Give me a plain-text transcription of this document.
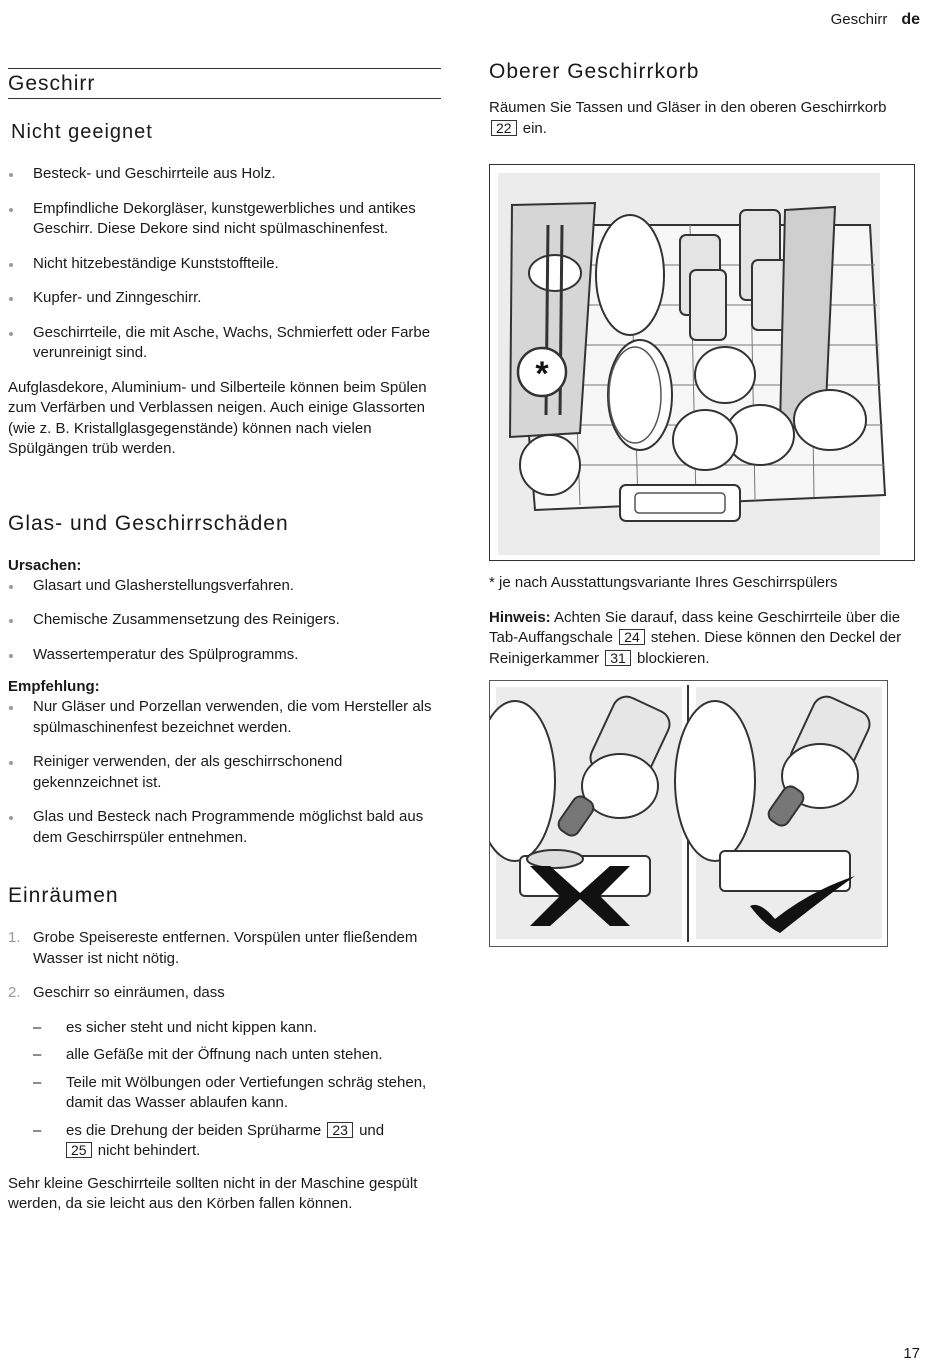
Geschirr de
Geschirr
Nicht geeignet
Besteck- und Geschirrteile aus Holz.
Empfindliche Dekorgläser, kunstgewerbliches und antikes Geschirr. Diese Dekore sind nicht spülmaschinenfest.
Nicht hitzebeständige Kunststoffteile.
Kupfer- und Zinngeschirr.
Geschirrteile, die mit Asche, Wachs, Schmierfett oder Farbe verunreinigt sind.

Aufglasdekore, Aluminium- und Silberteile können beim Spülen zum Verfärben und Verblassen neigen. Auch einige Glassorten (wie z. B. Kristallglasgegenstände) können nach vielen Spülgängen trüb werden.

Glas- und Geschirrschäden

Ursachen:

Glasart und Glasherstellungsverfahren.
Chemische Zusammensetzung des Reinigers.
Wassertemperatur des Spülprogramms.

Empfehlung:

Nur Gläser und Porzellan verwenden, die vom Hersteller als spülmaschinenfest bezeichnet werden.
Reiniger verwenden, der als geschirrschonend gekennzeichnet ist.
Glas und Besteck nach Programmende möglichst bald aus dem Geschirrspüler entnehmen.
Einräumen
1. Grobe Speisereste entfernen. Vorspülen unter fließendem Wasser ist nicht nötig.
2. Geschirr so einräumen, dass
– es sicher steht und nicht kippen kann.
– alle Gefäße mit der Öffnung nach unten stehen.
– Teile mit Wölbungen oder Vertiefungen schräg stehen, damit das Wasser ablaufen kann.
– es die Drehung der beiden Sprüharme 23 und
25 nicht behindert.

Sehr kleine Geschirrteile sollten nicht in der Maschine gespült werden, da sie leicht aus den Körben fallen können.

Oberer Geschirrkorb

Räumen Sie Tassen und Gläser in den oberen Geschirrkorb 22 ein.

*

* je nach Ausstattungsvariante Ihres Geschirrspülers

Hinweis: Achten Sie darauf, dass keine Geschirrteile über die Tab-Auffangschale 24 stehen. Diese können den Deckel der Reinigerkammer 31 blockieren.

17
